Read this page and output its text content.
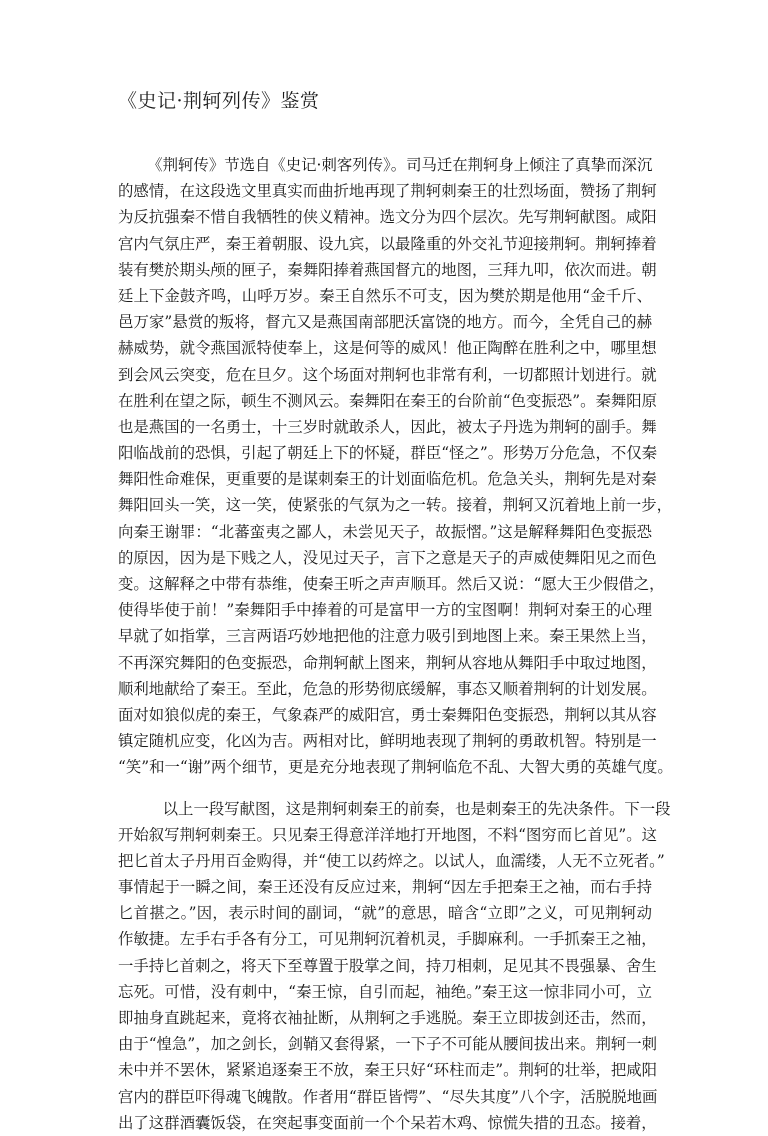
《史记·荆轲列传》鉴赏
《荆轲传》节选自《史记·刺客列传》。司马迁在荆轲身上倾注了真挚而深沉
的感情，在这段选文里真实而曲折地再现了荆轲刺秦王的壮烈场面，赞扬了荆轲
为反抗强秦不惜自我牺牲的侠义精神。选文分为四个层次。先写荆轲献图。咸阳
宫内气氛庄严，秦王着朝服、设九宾，以最隆重的外交礼节迎接荆轲。荆轲捧着
装有樊於期头颅的匣子，秦舞阳捧着燕国督亢的地图，三拜九叩，依次而进。朝
廷上下金鼓齐鸣，山呼万岁。秦王自然乐不可支，因为樊於期是他用“金千斤、
邑万家”悬赏的叛将，督亢又是燕国南部肥沃富饶的地方。而今，全凭自己的赫
赫威势，就令燕国派特使奉上，这是何等的威风！他正陶醉在胜利之中，哪里想
到会风云突变，危在旦夕。这个场面对荆轲也非常有利，一切都照计划进行。就
在胜利在望之际，顿生不测风云。秦舞阳在秦王的台阶前“色变振恐”。秦舞阳原
也是燕国的一名勇士，十三岁时就敢杀人，因此，被太子丹选为荆轲的副手。舞
阳临战前的恐惧，引起了朝廷上下的怀疑，群臣“怪之”。形势万分危急，不仅秦
舞阳性命难保，更重要的是谋刺秦王的计划面临危机。危急关头，荆轲先是对秦
舞阳回头一笑，这一笑，使紧张的气氛为之一转。接着，荆轲又沉着地上前一步，
向秦王谢罪：“北蕃蛮夷之鄙人，未尝见天子，故振慴。”这是解释舞阳色变振恐
的原因，因为是下贱之人，没见过天子，言下之意是天子的声威使舞阳见之而色
变。这解释之中带有恭维，使秦王听之声声顺耳。然后又说：“愿大王少假借之，
使得毕使于前！”秦舞阳手中捧着的可是富甲一方的宝图啊！荆轲对秦王的心理
早就了如指掌，三言两语巧妙地把他的注意力吸引到地图上来。秦王果然上当，
不再深究舞阳的色变振恐，命荆轲献上图来，荆轲从容地从舞阳手中取过地图，
顺利地献给了秦王。至此，危急的形势彻底缓解，事态又顺着荆轲的计划发展。
面对如狼似虎的秦王，气象森严的威阳宫，勇士秦舞阳色变振恐，荆轲以其从容
镇定随机应变，化凶为吉。两相对比，鲜明地表现了荆轲的勇敢机智。特别是一
“笑”和一“谢”两个细节，更是充分地表现了荆轲临危不乱、大智大勇的英雄气度。
以上一段写献图，这是荆轲刺秦王的前奏，也是刺秦王的先决条件。下一段
开始叙写荆轲刺秦王。只见秦王得意洋洋地打开地图，不料“图穷而匕首见”。这
把匕首太子丹用百金购得，并“使工以药焠之。以试人，血濡缕，人无不立死者。”
事情起于一瞬之间，秦王还没有反应过来，荆轲“因左手把秦王之袖，而右手持
匕首揕之。”因，表示时间的副词，“就”的意思，暗含“立即”之义，可见荆轲动
作敏捷。左手右手各有分工，可见荆轲沉着机灵，手脚麻利。一手抓秦王之袖，
一手持匕首刺之，将天下至尊置于股掌之间，持刀相刺，足见其不畏强暴、舍生
忘死。可惜，没有刺中，“秦王惊，自引而起，袖绝。”秦王这一惊非同小可，立
即抽身直跳起来，竟将衣袖扯断，从荆轲之手逃脱。秦王立即拔剑还击，然而，
由于“惶急”，加之剑长，剑鞘又套得紧，一下子不可能从腰间拔出来。荆轲一刺
未中并不罢休，紧紧追逐秦王不放，秦王只好“环柱而走”。荆轲的壮举，把咸阳
宫内的群臣吓得魂飞魄散。作者用“群臣皆愕”、“尽失其度”八个字，活脱脱地画
出了这群酒囊饭袋，在突起事变面前一个个呆若木鸡、惊慌失措的丑态。接着，
